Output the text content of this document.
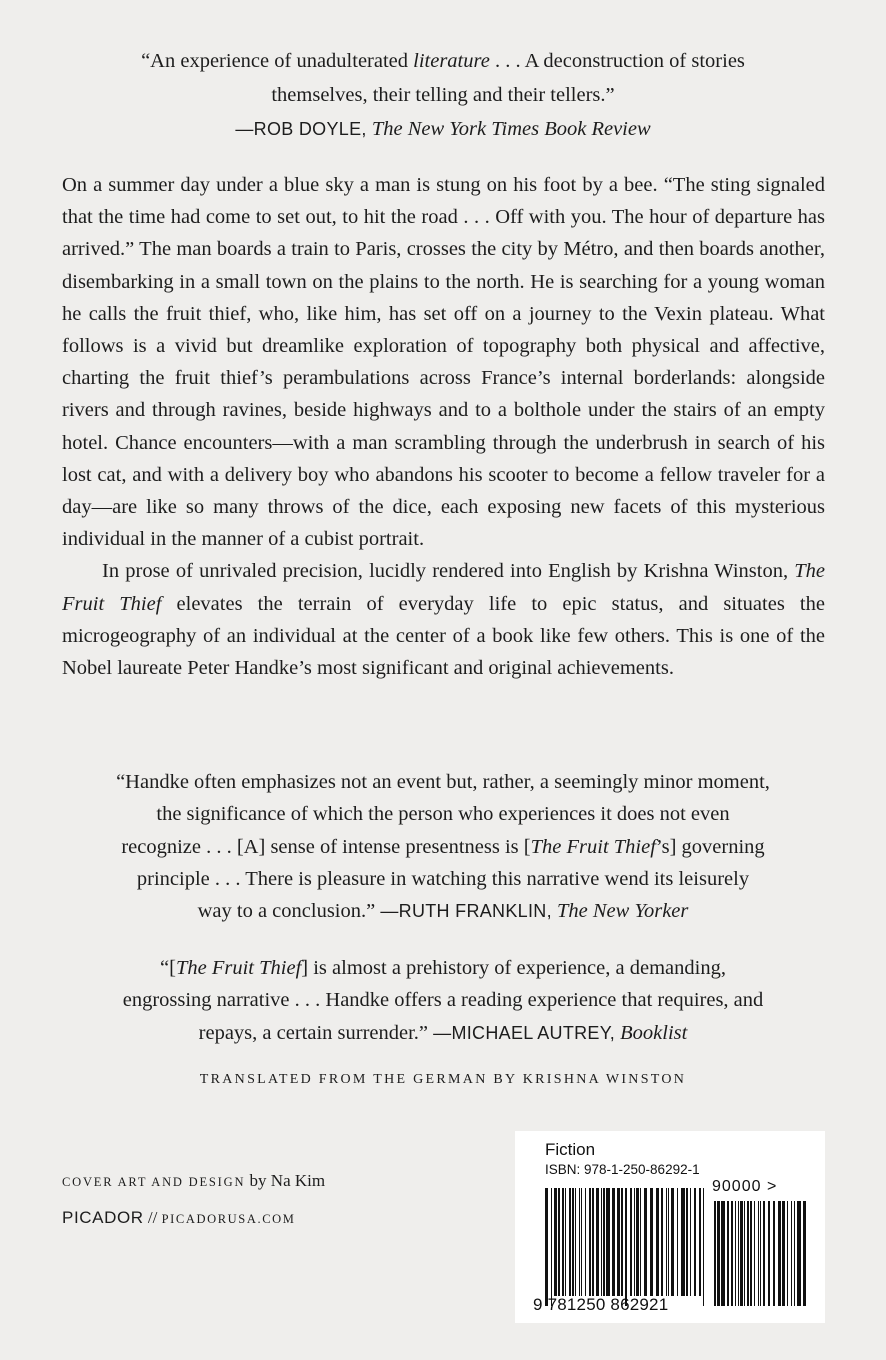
“An experience of unadulterated literature . . . A deconstruction of stories
themselves, their telling and their tellers.”
—ROB DOYLE, The New York Times Book Review

On a summer day under a blue sky a man is stung on his foot by a bee. “The sting signaled that the time had come to set out, to hit the road . . . Off with you. The hour of departure has arrived.” The man boards a train to Paris, crosses the city by Métro, and then boards another, disembarking in a small town on the plains to the north. He is searching for a young woman he calls the fruit thief, who, like him, has set off on a journey to the Vexin plateau. What follows is a vivid but dreamlike exploration of topography both physical and affective, charting the fruit thief’s perambulations across France’s internal borderlands: alongside rivers and through ravines, beside highways and to a bolthole under the stairs of an empty hotel. Chance encounters—with a man scrambling through the underbrush in search of his lost cat, and with a delivery boy who abandons his scooter to become a fellow traveler for a day—are like so many throws of the dice, each exposing new facets of this mysterious individual in the manner of a cubist portrait.

In prose of unrivaled precision, lucidly rendered into English by Krishna Winston, The Fruit Thief elevates the terrain of everyday life to epic status, and situates the microgeography of an individual at the center of a book like few others. This is one of the Nobel laureate Peter Handke’s most significant and original achievements.

“Handke often emphasizes not an event but, rather, a seemingly minor moment,
the significance of which the person who experiences it does not even
recognize . . . [A] sense of intense presentness is [The Fruit Thief’s] governing
principle . . . There is pleasure in watching this narrative wend its leisurely
way to a conclusion.” —RUTH FRANKLIN, The New Yorker
“[The Fruit Thief] is almost a prehistory of experience, a demanding,
engrossing narrative . . . Handke offers a reading experience that requires, and
repays, a certain surrender.” —MICHAEL AUTREY, Booklist
TRANSLATED FROM THE GERMAN BY KRISHNA WINSTON
COVER ART AND DESIGN by Na Kim
PICADOR // PICADORUSA.COM
Fiction
ISBN: 978-1-250-86292-1
90000 >
9 781250 862921
